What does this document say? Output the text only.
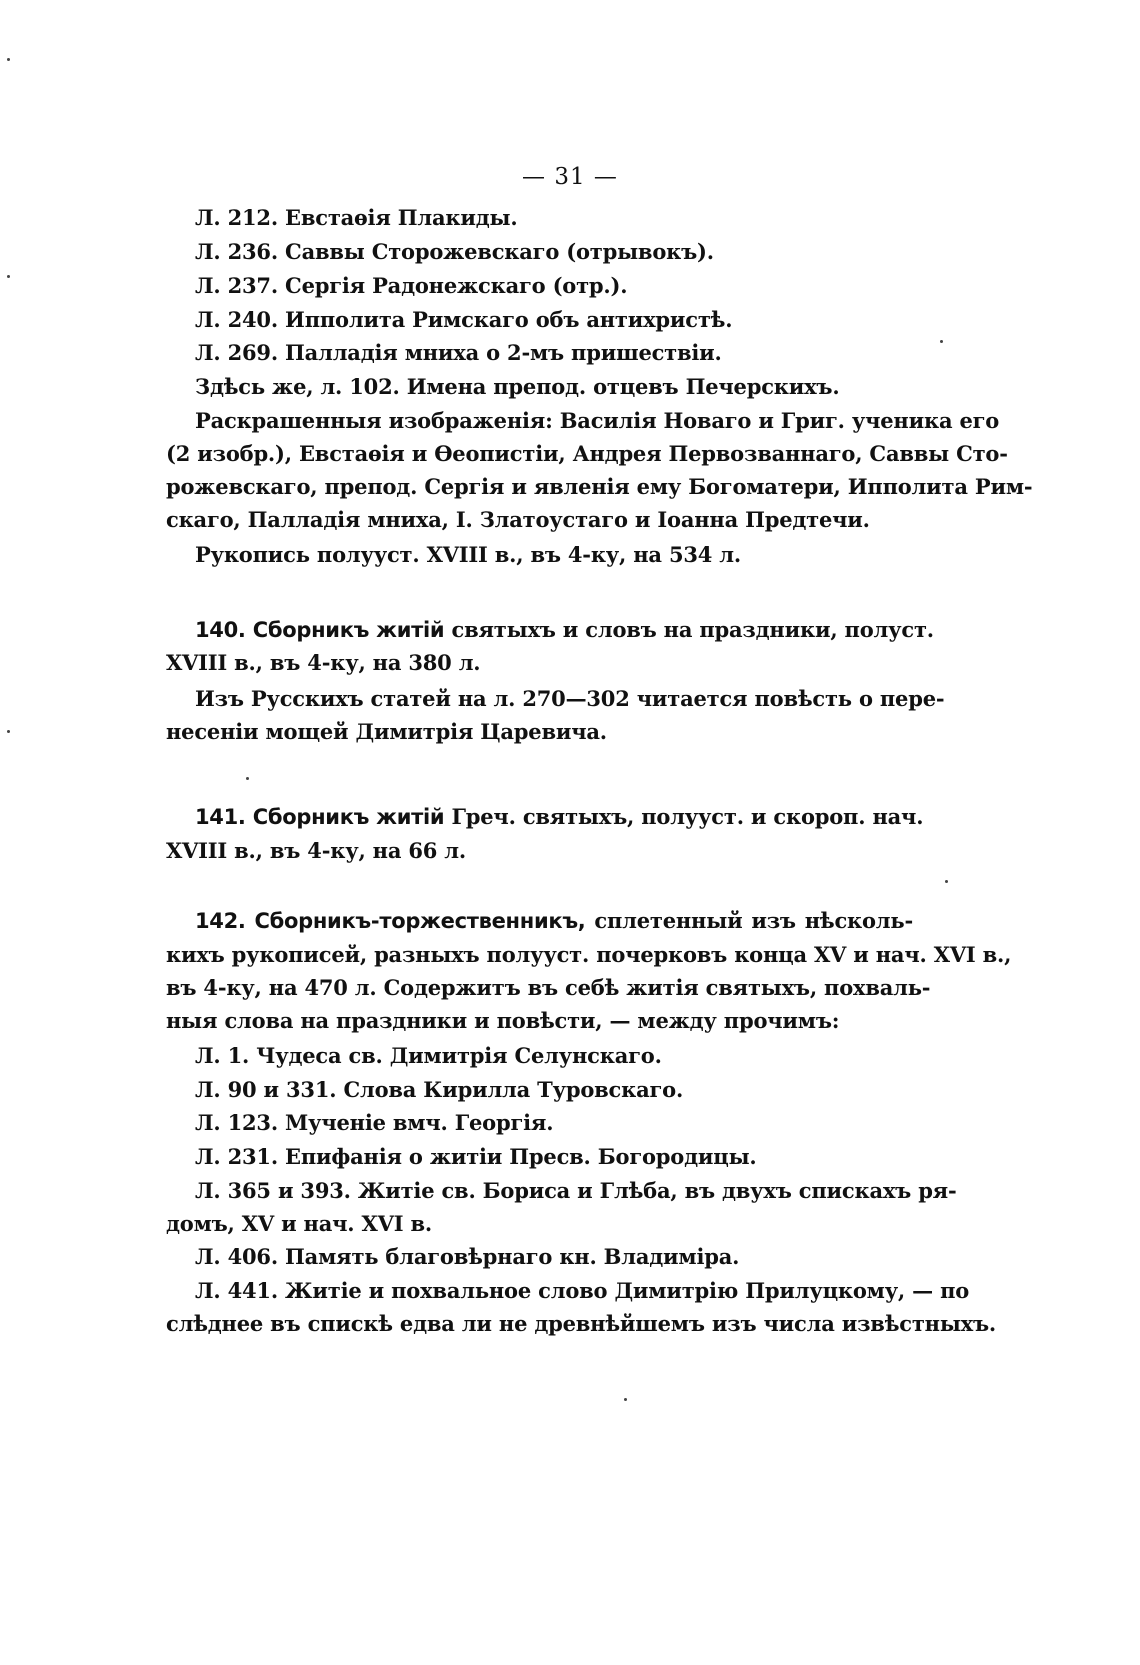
— 31 —
Л. 212. Евстаѳія Плакиды.
Л. 236. Саввы Сторожевскаго (отрывокъ).
Л. 237. Сергія Радонежскаго (отр.).
Л. 240. Ипполита Римскаго объ антихристѣ.
Л. 269. Палладія мниха о 2-мъ пришествіи.
Здѣсь же, л. 102. Имена препод. отцевъ Печерскихъ.
Раскрашенныя изображенія: Василія Новаго и Григ. ученика его
(2 изобр.), Евстаѳія и Ѳеопистіи, Андрея Первозваннаго, Саввы Сто-
рожевскаго, препод. Сергія и явленія ему Богоматери, Ипполита Рим-
скаго, Палладія мниха, І. Златоустаго и Іоанна Предтечи.
Рукопись полууст. XVIII в., въ 4-ку, на 534 л.
140. Сборникъ житій святыхъ и словъ на праздники, полуст.
XVIII в., въ 4-ку, на 380 л.
Изъ Русскихъ статей на л. 270—302 читается повѣсть о пере-
несеніи мощей Димитрія Царевича.
141. Сборникъ житій Греч. святыхъ, полууст. и скороп. нач.
XVIII в., въ 4-ку, на 66 л.
142. Сборникъ-торжественникъ, сплетенный изъ нѣсколь-
кихъ рукописей, разныхъ полууст. почерковъ конца XV и нач. XVI в.,
въ 4-ку, на 470 л. Содержитъ въ себѣ житія святыхъ, похваль-
ныя слова на праздники и повѣсти, — между прочимъ:
Л. 1. Чудеса св. Димитрія Селунскаго.
Л. 90 и 331. Слова Кирилла Туровскаго.
Л. 123. Мученіе вмч. Георгія.
Л. 231. Епифанія о житіи Пресв. Богородицы.
Л. 365 и 393. Житіе св. Бориса и Глѣба, въ двухъ спискахъ ря-
домъ, XV и нач. XVI в.
Л. 406. Память благовѣрнаго кн. Владиміра.
Л. 441. Житіе и похвальное слово Димитрію Прилуцкому, — по
слѣднее въ спискѣ едва ли не древнѣйшемъ изъ числа извѣстныхъ.
